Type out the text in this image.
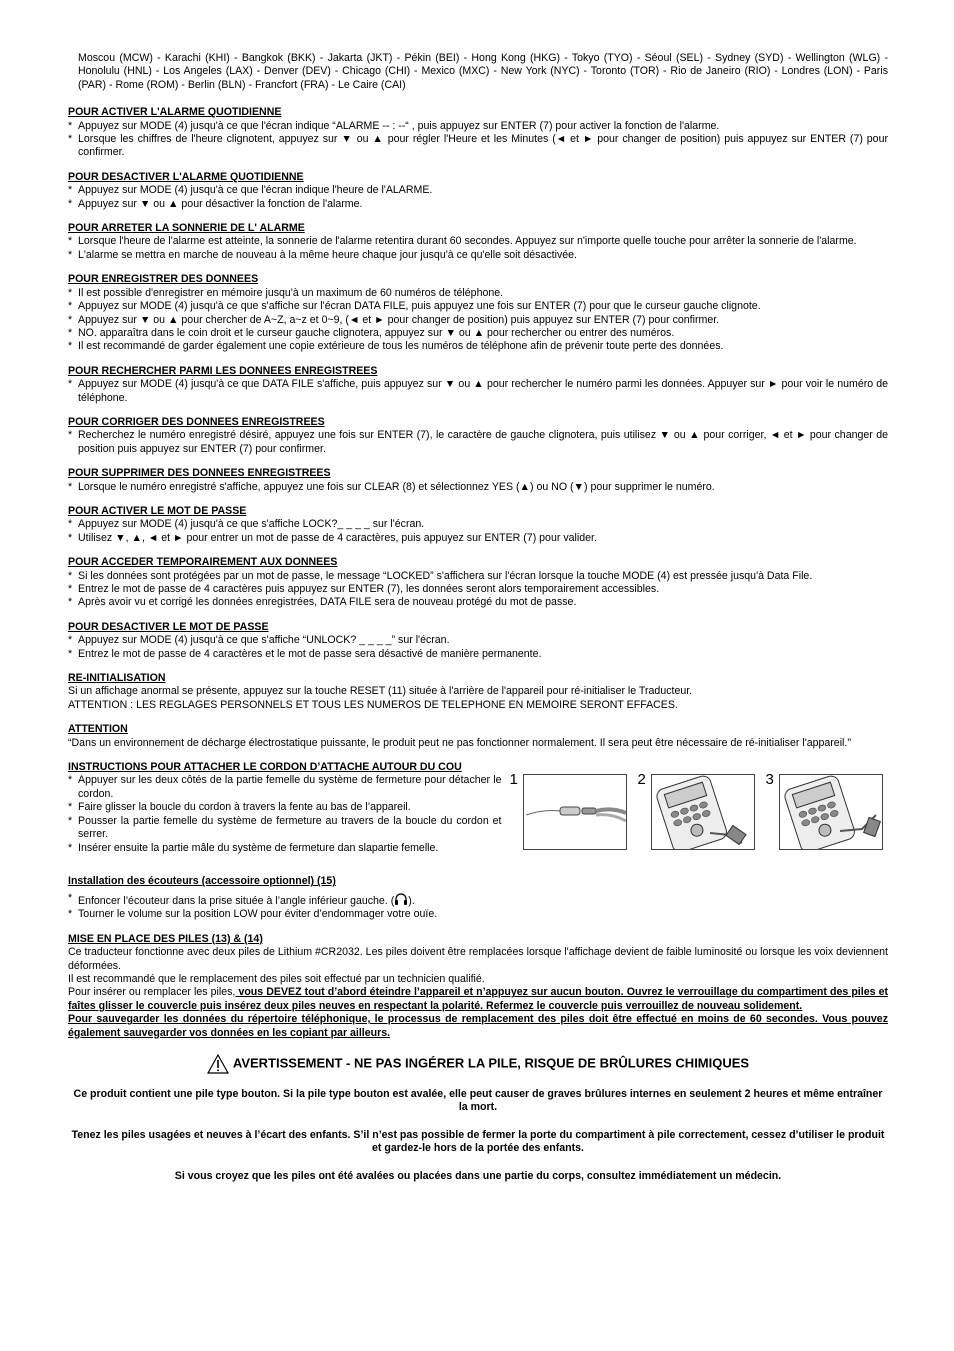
Moscou (MCW) - Karachi (KHI) - Bangkok (BKK) - Jakarta (JKT) - Pékin (BEI) - Hong Kong (HKG) - Tokyo (TYO) - Séoul (SEL) - Sydney (SYD) - Wellington (WLG) - Honolulu (HNL) - Los Angeles (LAX) - Denver (DEV) - Chicago (CHI) - Mexico (MXC) - New York (NYC) - Toronto (TOR) - Rio de Janeiro (RIO) - Londres (LON) - Paris (PAR) - Rome (ROM) - Berlin (BLN) - Francfort (FRA) - Le Caire (CAI)

POUR ACTIVER L'ALARME QUOTIDIENNE
* Appuyez sur MODE (4) jusqu'à ce que l'écran indique “ALARME -- : --“ , puis appuyez sur ENTER (7) pour activer la fonction de l'alarme.
* Lorsque les chiffres de l'heure clignotent, appuyez sur ▼ ou ▲ pour régler l'Heure et les Minutes (◄ et ► pour changer de position) puis appuyez sur ENTER (7) pour confirmer.
POUR DESACTIVER L'ALARME QUOTIDIENNE
* Appuyez sur MODE (4) jusqu'à ce que l'écran indique l'heure de l'ALARME.
* Appuyez sur ▼ ou ▲ pour désactiver la fonction de l'alarme.
POUR ARRETER LA SONNERIE DE L' ALARME
* Lorsque l'heure de l'alarme est atteinte, la sonnerie de l'alarme retentira durant 60 secondes. Appuyez sur n'importe quelle touche pour arrêter la sonnerie de l'alarme.
* L'alarme se mettra en marche de nouveau à la même heure chaque jour jusqu'à ce qu'elle soit désactivée.
POUR ENREGISTRER DES DONNEES
* Il est possible d'enregistrer en mémoire jusqu'à un maximum de 60 numéros de téléphone.
* Appuyez sur MODE (4) jusqu'à ce que s'affiche sur l'écran DATA FILE, puis appuyez une fois sur ENTER (7) pour que le curseur gauche clignote.
* Appuyez sur ▼ ou ▲ pour chercher de A~Z, a~z et 0~9, (◄ et ► pour changer de position) puis appuyez sur ENTER (7) pour confirmer.
* NO. apparaîtra dans le coin droit et le curseur gauche clignotera, appuyez sur ▼ ou ▲ pour rechercher ou entrer des numéros.
* Il est recommandé de garder également une copie extérieure de tous les numéros de téléphone afin de prévenir toute perte des données.
POUR RECHERCHER PARMI LES DONNEES ENREGISTREES
* Appuyez sur MODE (4) jusqu'à ce que DATA FILE s'affiche, puis appuyez sur ▼ ou ▲ pour rechercher le numéro parmi les données. Appuyer sur ► pour voir le numéro de téléphone.
POUR CORRIGER DES DONNEES ENREGISTREES
* Recherchez le numéro enregistré désiré, appuyez une fois sur ENTER (7), le caractère de gauche clignotera, puis utilisez ▼ ou ▲ pour corriger, ◄ et ► pour changer de position puis appuyez sur ENTER (7) pour confirmer.
POUR SUPPRIMER DES DONNEES ENREGISTREES
* Lorsque le numéro enregistré s'affiche, appuyez une fois sur CLEAR (8) et sélectionnez YES (▲) ou NO (▼) pour supprimer le numéro.
POUR ACTIVER LE MOT DE PASSE
* Appuyez sur MODE (4) jusqu'à ce que s'affiche LOCK?_ _ _ _ sur l'écran.
* Utilisez ▼, ▲, ◄ et ► pour entrer un mot de passe de 4 caractères, puis appuyez sur ENTER (7) pour valider.
POUR ACCEDER TEMPORAIREMENT AUX DONNEES
* Si les données sont protégées par un mot de passe, le message “LOCKED” s'affichera sur l'écran lorsque la touche MODE (4) est pressée jusqu'à Data File.
* Entrez le mot de passe de 4 caractères puis appuyez sur ENTER (7), les données seront alors temporairement accessibles.
* Après avoir vu et corrigé les données enregistrées, DATA FILE sera de nouveau protégé du mot de passe.
POUR DESACTIVER LE MOT DE PASSE
* Appuyez sur MODE (4) jusqu'à ce que s'affiche “UNLOCK? _ _ _ _” sur l'écran.
* Entrez le mot de passe de 4 caractères et le mot de passe sera désactivé de manière permanente.
RE-INITIALISATION

Si un affichage anormal se présente, appuyez sur la touche RESET (11) située à l'arrière de l'appareil pour ré-initialiser le Traducteur.

ATTENTION : LES REGLAGES PERSONNELS ET TOUS LES NUMEROS DE TELEPHONE EN MEMOIRE SERONT EFFACES.

ATTENTION

“Dans un environnement de décharge électrostatique puissante, le produit peut ne pas fonctionner normalement. Il sera peut être nécessaire de ré-initialiser l'appareil."

INSTRUCTIONS POUR ATTACHER LE CORDON D’ATTACHE AUTOUR DU COU
* Appuyer sur les deux côtés de la partie femelle du système de fermeture pour détacher le cordon.
* Faire glisser la boucle du cordon à travers la fente au bas de l’appareil.
* Pousser la partie femelle du système de fermeture au travers de la boucle du cordon et serrer.
* Insérer ensuite la partie mâle du système de fermeture dan slapartie femelle.
1	2	3
Installation des écouteurs (accessoire optionnel) (15)
* Enfoncer l’écouteur dans la prise située à l’angle inférieur gauche. ( ).
* Tourner le volume sur la position LOW pour éviter d’endommager votre ouïe.
MISE EN PLACE DES PILES (13) & (14)

Ce traducteur fonctionne avec deux piles de Lithium #CR2032. Les piles doivent être remplacées lorsque l'affichage devient de faible luminosité ou lorsque les voix deviennent déformées.

Il est recommandé que le remplacement des piles soit effectué par un technicien qualifié.

Pour insérer ou remplacer les piles, vous DEVEZ tout d’abord éteindre l’appareil et n’appuyez sur aucun bouton. Ouvrez le verrouillage du compartiment des piles et faîtes glisser le couvercle puis insérez deux piles neuves en respectant la polarité. Refermez le couvercle puis verrouillez de nouveau solidement.

Pour sauvegarder les données du répertoire téléphonique, le processus de remplacement des piles doit être effectué en moins de 60 secondes. Vous pouvez également sauvegarder vos données en les copiant par ailleurs.

AVERTISSEMENT - NE PAS INGÉRER LA PILE, RISQUE DE BRÛLURES CHIMIQUES

Ce produit contient une pile type bouton. Si la pile type bouton est avalée, elle peut causer de graves brûlures internes en seulement 2 heures et même entraîner la mort.

Tenez les piles usagées et neuves à l’écart des enfants. S’il n’est pas possible de fermer la porte du compartiment à pile correctement, cessez d’utiliser le produit et gardez-le hors de la portée des enfants.

Si vous croyez que les piles ont été avalées ou placées dans une partie du corps, consultez immédiatement un médecin.
